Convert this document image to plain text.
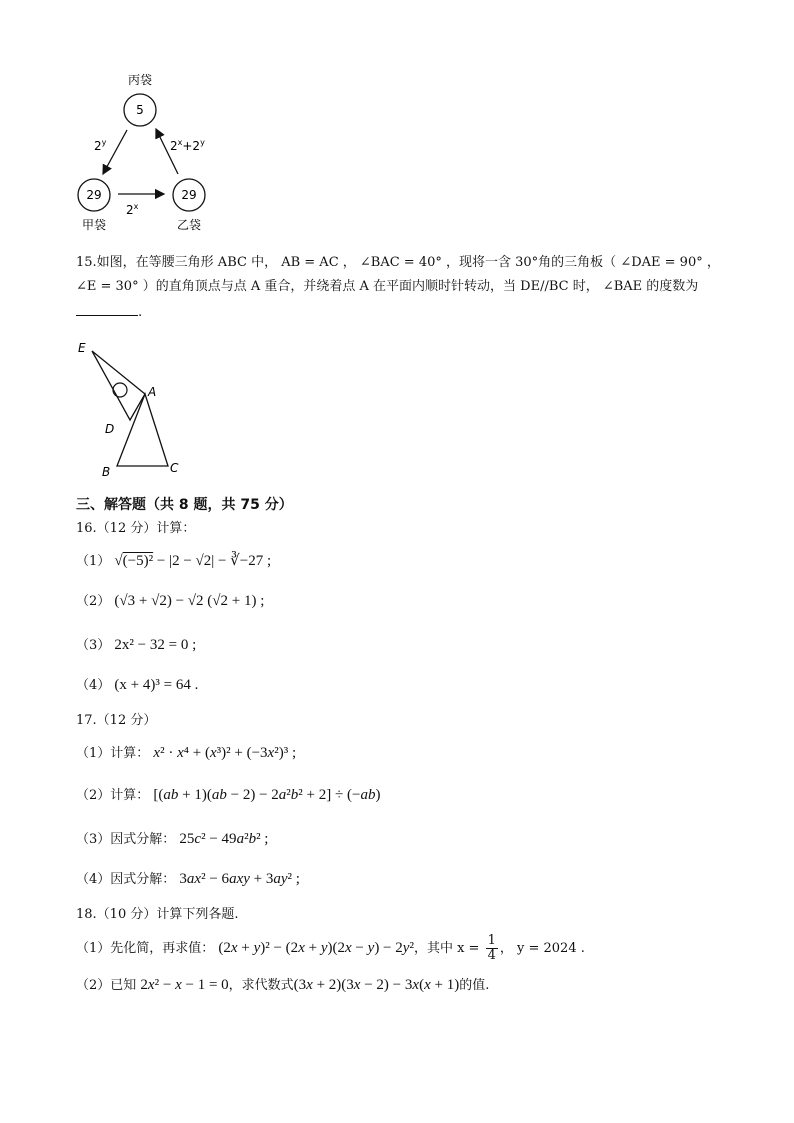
丙袋
5
29
甲袋
29
乙袋
2$^y$	$2^x+2^y$
2$^x$
15.如图，在等腰三角形 ABC 中， AB = AC ， ∠BAC = 40° ，现将一含 30°角的三角板（ ∠DAE = 90° ，
∠E = 30° ）的直角顶点与点 A 重合，并绕着点 A 在平面内顺时针转动，当 DE//BC 时， ∠BAE 的度数为
.
E
A
D
B	C
三、解答题（共 8 题，共 75 分）
16.（12 分）计算：
（1） √(−5)² − |2 − √2| − ∛−27 ;
（2） (√3 + √2) − √2 (√2 + 1) ;
（3） 2x² − 32 = 0 ;
（4） (x + 4)³ = 64 .
17.（12 分）
（1）计算： x² · x⁴ + (x³)² + (−3x²)³ ;
（2）计算： [(ab + 1)(ab − 2) − 2a²b² + 2] ÷ (−ab)
（3）因式分解： 25c² − 49a²b² ;
（4）因式分解： 3ax² − 6axy + 3ay² ;
18.（10 分）计算下列各题.
（1）先化简，再求值： (2x + y)² − (2x + y)(2x − y) − 2y²，其中 $x = \frac{1}{4}$ ， y = 2024 .
（2）已知 2x² − x − 1 = 0，求代数式(3x + 2)(3x − 2) − 3x(x + 1)的值.
